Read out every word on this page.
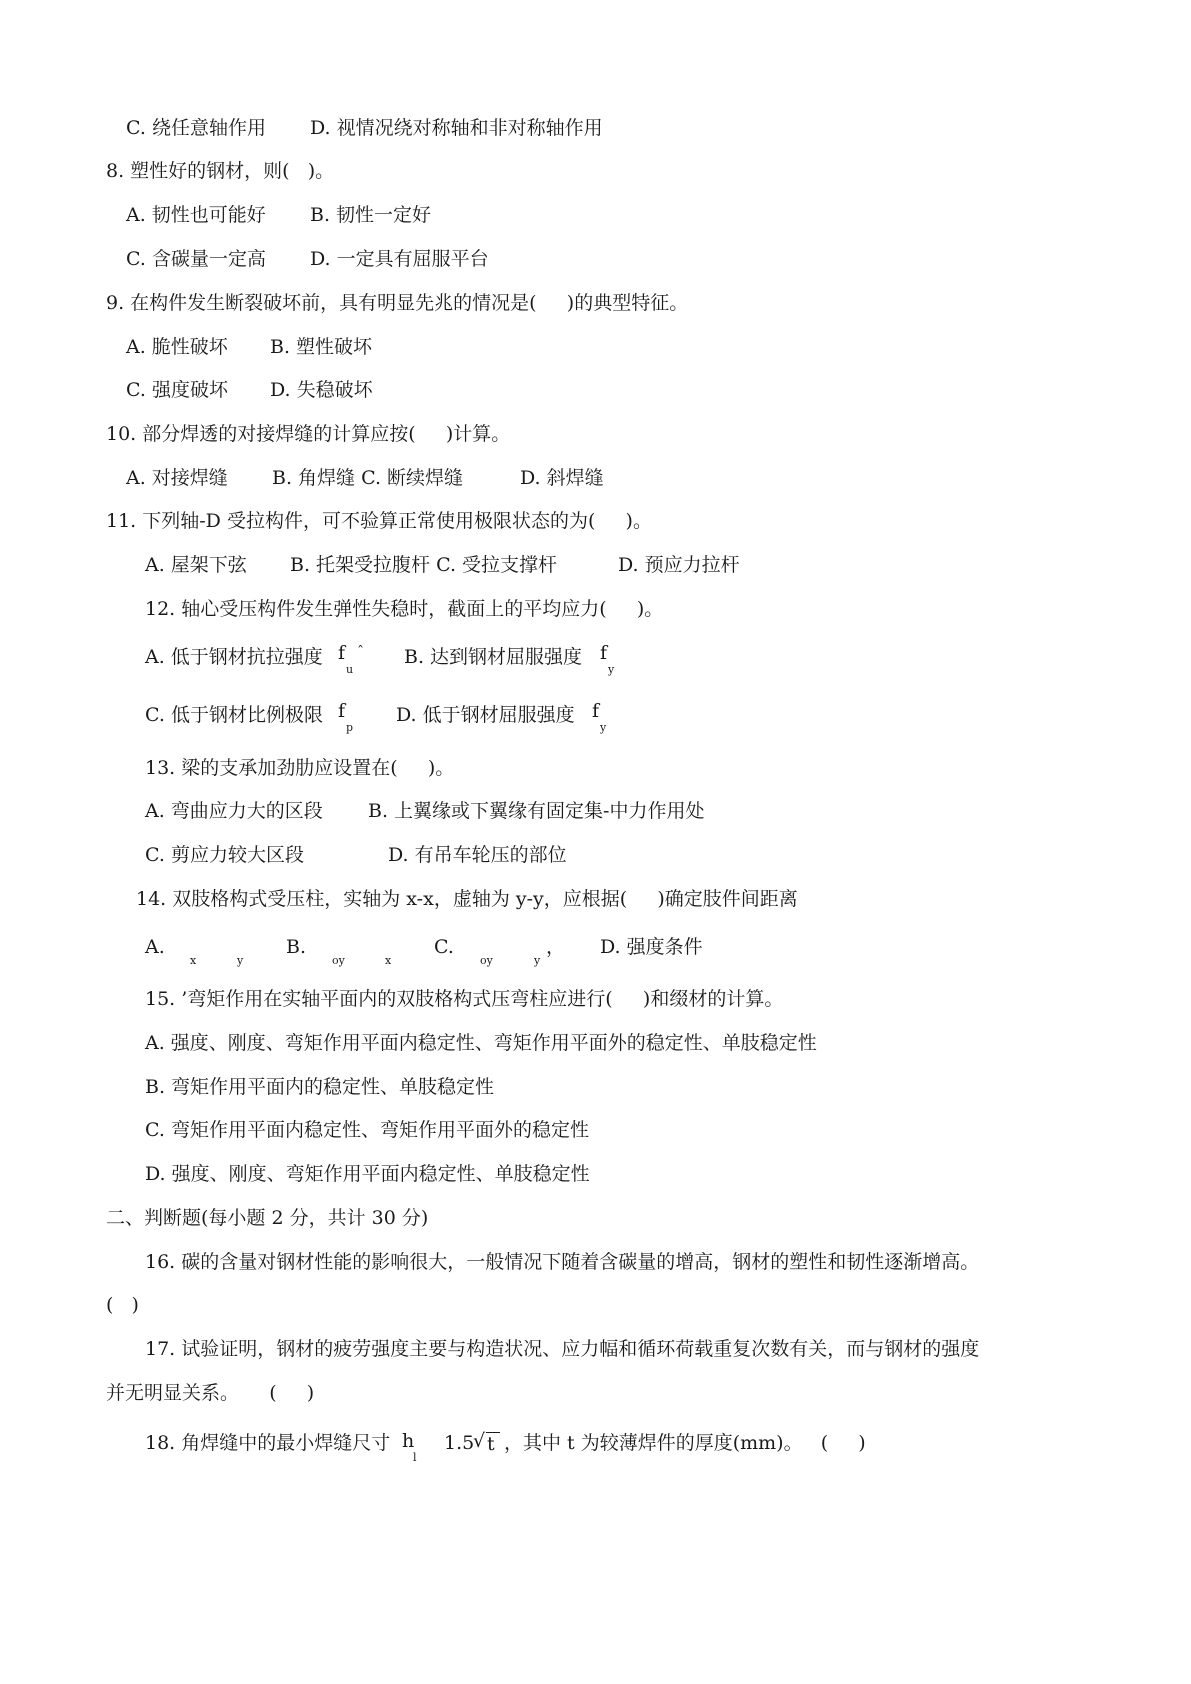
C. 绕任意轴作用 D. 视情况绕对称轴和非对称轴作用
8. 塑性好的钢材，则(   )。
A. 韧性也可能好 B. 韧性一定好
C. 含碳量一定高 D. 一定具有屈服平台
9. 在构件发生断裂破坏前，具有明显先兆的情况是(     )的典型特征。
A. 脆性破坏 B. 塑性破坏
C. 强度破坏 D. 失稳破坏
10. 部分焊透的对接焊缝的计算应按(     )计算。
A. 对接焊缝 B. 角焊缝 C. 断续焊缝	D. 斜焊缝
11. 下列轴-D 受拉构件，可不验算正常使用极限状态的为(     )。
A. 屋架下弦 B. 托架受拉腹杆 C. 受拉支撑杆	D. 预应力拉杆
12. 轴心受压构件发生弹性失稳时，截面上的平均应力(     )。
A. 低于钢材抗拉强度 f
u
ˆ B. 达到钢材屈服强度 f
y
C. 低于钢材比例极限 f
p
D. 低于钢材屈服强度 f
y
13. 梁的支承加劲肋应设置在(     )。
A. 弯曲应力大的区段 B. 上翼缘或下翼缘有固定集-中力作用处
C. 剪应力较大区段	D. 有吊车轮压的部位
14. 双肢格构式受压柱，实轴为 x-x，虚轴为 y-y，应根据(     )确定肢件间距离
A.
x	y
B.
oy	x
C.
oy	y
， D. 强度条件
15. ’弯矩作用在实轴平面内的双肢格构式压弯柱应进行(     )和缀材的计算。
A. 强度、刚度、弯矩作用平面内稳定性、弯矩作用平面外的稳定性、单肢稳定性
B. 弯矩作用平面内的稳定性、单肢稳定性
C. 弯矩作用平面内稳定性、弯矩作用平面外的稳定性
D. 强度、刚度、弯矩作用平面内稳定性、单肢稳定性
二、判断题(每小题 2 分，共计 30 分)
16. 碳的含量对钢材性能的影响很大，一般情况下随着含碳量的增高，钢材的塑性和韧性逐渐增高。
(   )
17. 试验证明，钢材的疲劳强度主要与构造状况、应力幅和循环荷载重复次数有关，而与钢材的强度
并无明显关系。     (     )
18. 角焊缝中的最小焊缝尺寸 h
l
1.5
√ t ，其中 t 为较薄焊件的厚度(mm)。   (     )
